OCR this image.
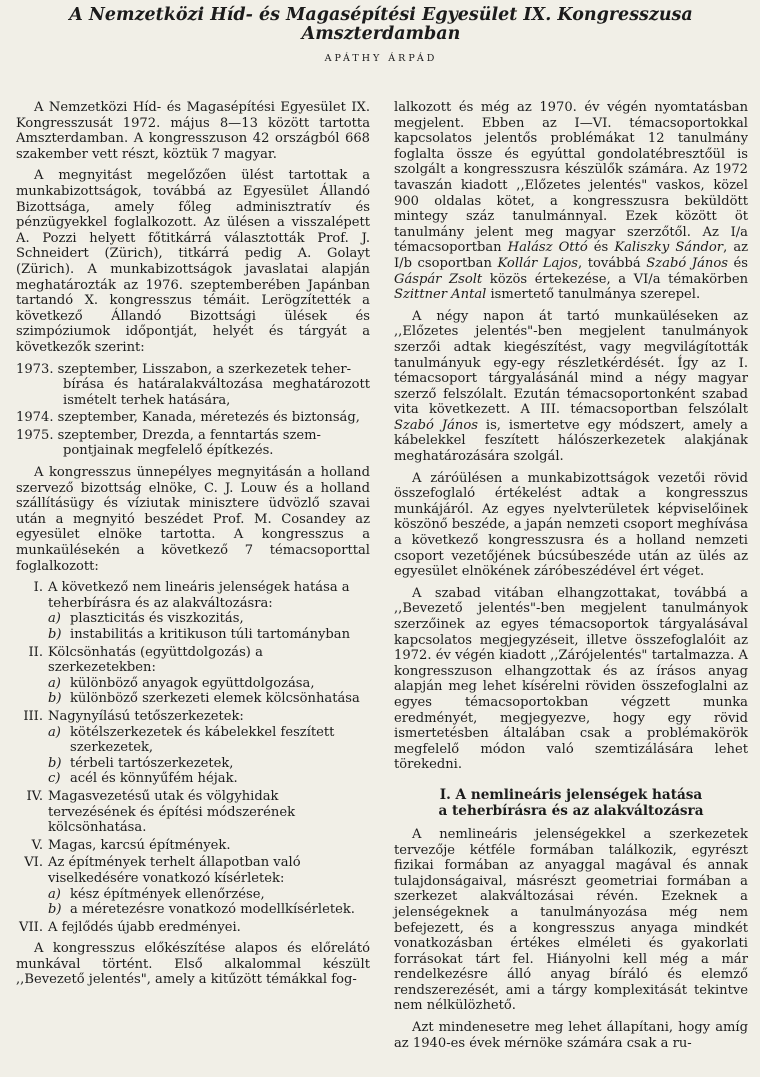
A Nemzetközi Híd- és Magasépítési Egyesület IX. Kongresszusa Amszterdamban
APÁTHY ÁRPÁD

A Nemzetközi Híd- és Magasépítési Egyesület IX. Kongresszusát 1972. május 8—13 között tartotta Amszterdamban. A kongresszuson 42 országból 668 szakember vett részt, köztük 7 magyar.

A megnyitást megelőzően ülést tartottak a munkabizottságok, továbbá az Egyesület Állandó Bizottsága, amely főleg adminisztratív és pénzügyekkel foglalkozott. Az ülésen a visszalépett A. Pozzi helyett főtitkárrá választották Prof. J. Schneidert (Zürich), titkárrá pedig A. Golayt (Zürich). A munkabizottságok javaslatai alapján meghatározták az 1976. szeptemberében Japánban tartandó X. kongresszus témáit. Lerögzítették a következő Állandó Bizottsági ülések és szimpóziumok időpontját, helyét és tárgyát a következők szerint:

1973. szeptember, Lisszabon, a szerkezetek teher-
bírása és határalakváltozása meghatározott ismételt terhek hatására,

1974. szeptember, Kanada, méretezés és biztonság,

1975. szeptember, Drezda, a fenntartás szem-
pontjainak megfelelő építkezés.

A kongresszus ünnepélyes megnyitásán a holland szervező bizottság elnöke, C. J. Louw és a holland szállításügy és víziutak minisztere üdvözlő szavai után a megnyitó beszédet Prof. M. Cosandey az egyesület elnöke tartotta. A kongresszus a munkaülésekén a következő 7 témacsoporttal foglalkozott:

I. A következő nem lineáris jelenségek hatása a teherbírásra és az alakváltozásra:
a) plaszticitás és viszkozitás,
b) instabilitás a kritikuson túli tartományban
II. Kölcsönhatás (együttdolgozás) a szerkezetekben:
a) különböző anyagok együttdolgozása,
b) különböző szerkezeti elemek kölcsönhatása
III. Nagynyílású tetőszerkezetek:
a) kötélszerkezetek és kábelekkel feszített szerkezetek,
b) térbeli tartószerkezetek,
c) acél és könnyűfém héjak.
IV. Magasvezetésű utak és völgyhidak tervezésének és építési módszerének kölcsönhatása.
V. Magas, karcsú építmények.
VI. Az építmények terhelt állapotban való viselkedésére vonatkozó kísérletek:
a) kész építmények ellenőrzése,
b) a méretezésre vonatkozó modellkísérletek.
VII. A fejlődés újabb eredményei.

A kongresszus előkészítése alapos és előrelátó munkával történt. Első alkalommal készült ,,Bevezető jelentés", amely a kitűzött témákkal fog-

lalkozott és még az 1970. év végén nyomtatásban megjelent. Ebben az I—VI. témacsoportokkal kapcsolatos jelentős problémákat 12 tanulmány foglalta össze és egyúttal gondolatébresztőül is szolgált a kongresszusra készülők számára. Az 1972 tavaszán kiadott ,,Előzetes jelentés" vaskos, közel 900 oldalas kötet, a kongresszusra beküldött mintegy száz tanulmánnyal. Ezek között öt tanulmány jelent meg magyar szerzőtől. Az I/a témacsoportban Halász Ottó és Kaliszky Sándor, az I/b csoportban Kollár Lajos, továbbá Szabó János és Gáspár Zsolt közös értekezése, a VI/a témakörben Szittner Antal ismertető tanulmánya szerepel.

A négy napon át tartó munkaüléseken az ,,Előzetes jelentés"-ben megjelent tanulmányok szerzői adtak kiegészítést, vagy megvilágították tanulmányuk egy-egy részletkérdését. Így az I. témacsoport tárgyalásánál mind a négy magyar szerző felszólalt. Ezután témacsoportonként szabad vita következett. A III. témacsoportban felszólalt Szabó János is, ismertetve egy módszert, amely a kábelekkel feszített hálószerkezetek alakjának meghatározására szolgál.

A záróülésen a munkabizottságok vezetői rövid összefoglaló értékelést adtak a kongresszus munkájáról. Az egyes nyelvterületek képviselőinek köszönő beszéde, a japán nemzeti csoport meghívása a következő kongresszusra és a holland nemzeti csoport vezetőjének búcsúbeszéde után az ülés az egyesület elnökének záróbeszédével ért véget.

A szabad vitában elhangzottakat, továbbá a ,,Bevezető jelentés"-ben megjelent tanulmányok szerzőinek az egyes témacsoportok tárgyalásával kapcsolatos megjegyzéseit, illetve összefoglalóit az 1972. év végén kiadott ,,Zárójelentés" tartalmazza. A kongresszuson elhangzottak és az írásos anyag alapján meg lehet kísérelni röviden összefoglalni az egyes témacsoportokban végzett munka eredményét, megjegyezve, hogy egy rövid ismertetésben általában csak a problémakörök megfelelő módon való szemtizálására lehet törekedni.

I. A nemlineáris jelenségek hatása
a teherbírásra és az alakváltozásra

A nemlineáris jelenségekkel a szerkezetek tervezője kétféle formában találkozik, egyrészt fizikai formában az anyaggal magával és annak tulajdonságaival, másrészt geometriai formában a szerkezet alakváltozásai révén. Ezeknek a jelenségeknek a tanulmányozása még nem befejezett, és a kongresszus anyaga mindkét vonatkozásban értékes elméleti és gyakorlati forrásokat tárt fel. Hiányolni kell még a már rendelkezésre álló anyag bíráló és elemző rendszerezését, ami a tárgy komplexitását tekintve nem nélkülözhető.

Azt mindenesetre meg lehet állapítani, hogy amíg az 1940-es évek mérnöke számára csak a ru-
